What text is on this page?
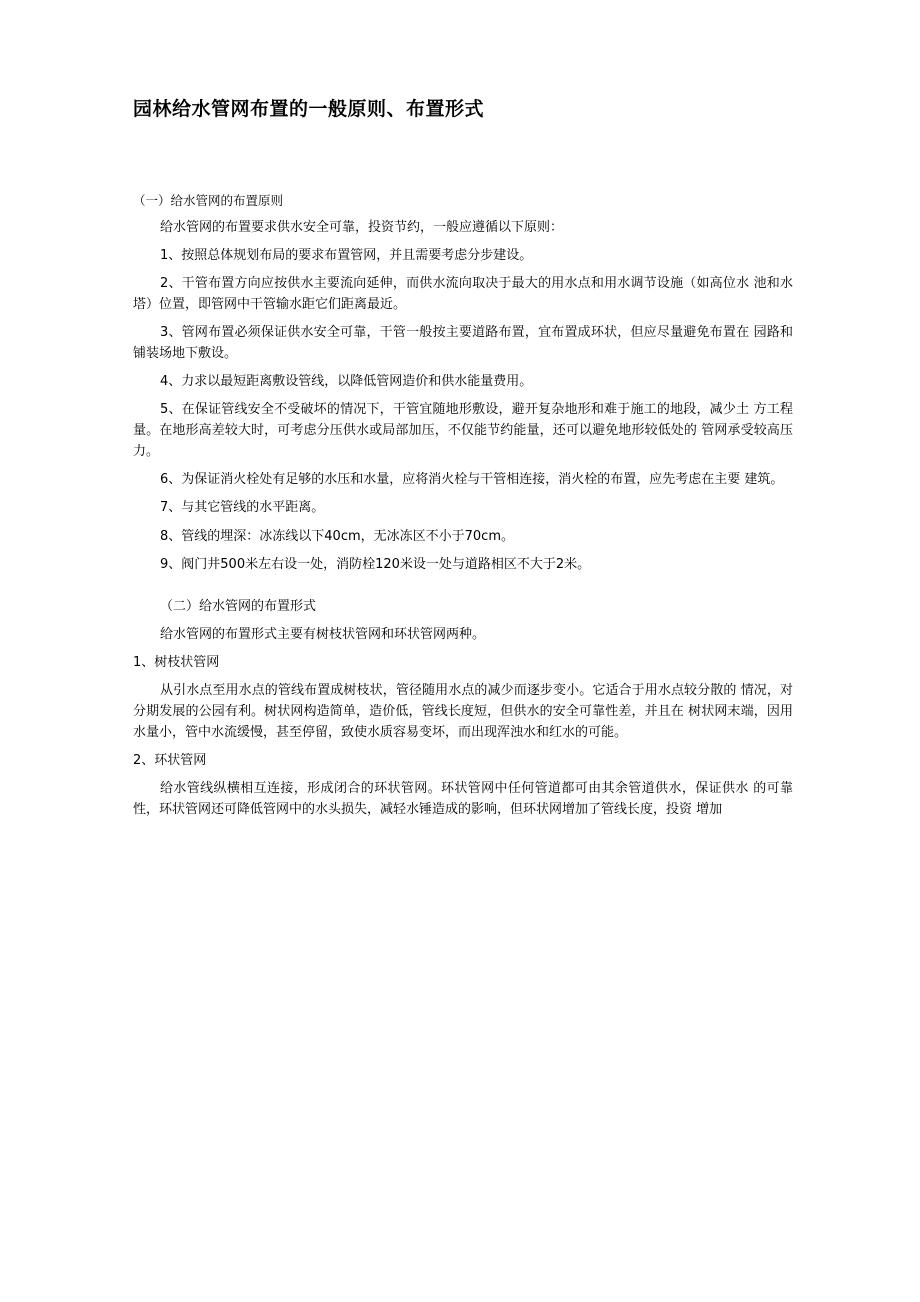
园林给水管网布置的一般原则、布置形式
（一）给水管网的布置原则

给水管网的布置要求供水安全可靠，投资节约，一般应遵循以下原则：

1、按照总体规划布局的要求布置管网，并且需要考虑分步建设。

2、干管布置方向应按供水主要流向延伸，而供水流向取决于最大的用水点和用水调节设施（如高位水 池和水塔）位置，即管网中干管输水距它们距离最近。

3、管网布置必须保证供水安全可靠，干管一般按主要道路布置，宜布置成环状，但应尽量避免布置在 园路和铺装场地下敷设。

4、力求以最短距离敷设管线，以降低管网造价和供水能量费用。

5、在保证管线安全不受破坏的情况下，干管宜随地形敷设，避开复杂地形和难于施工的地段，减少土 方工程量。在地形高差较大时，可考虑分压供水或局部加压，不仅能节约能量，还可以避免地形较低处的 管网承受较高压力。

6、为保证消火栓处有足够的水压和水量，应将消火栓与干管相连接，消火栓的布置，应先考虑在主要 建筑。

7、与其它管线的水平距离。

8、管线的埋深：冰冻线以下40cm，无冰冻区不小于70cm。

9、阀门井500米左右设一处，消防栓120米设一处与道路相区不大于2米。

（二）给水管网的布置形式

给水管网的布置形式主要有树枝状管网和环状管网两种。

1、树枝状管网

从引水点至用水点的管线布置成树枝状，管径随用水点的减少而逐步变小。它适合于用水点较分散的 情况，对分期发展的公园有利。树状网构造简单，造价低，管线长度短，但供水的安全可靠性差，并且在 树状网末端，因用水量小，管中水流缓慢，甚至停留，致使水质容易变坏，而出现浑浊水和红水的可能。

2、环状管网

给水管线纵横相互连接，形成闭合的环状管网。环状管网中任何管道都可由其余管道供水，保证供水 的可靠性，环状管网还可降低管网中的水头损失，减轻水锤造成的影响，但环状网增加了管线长度，投资 增加
